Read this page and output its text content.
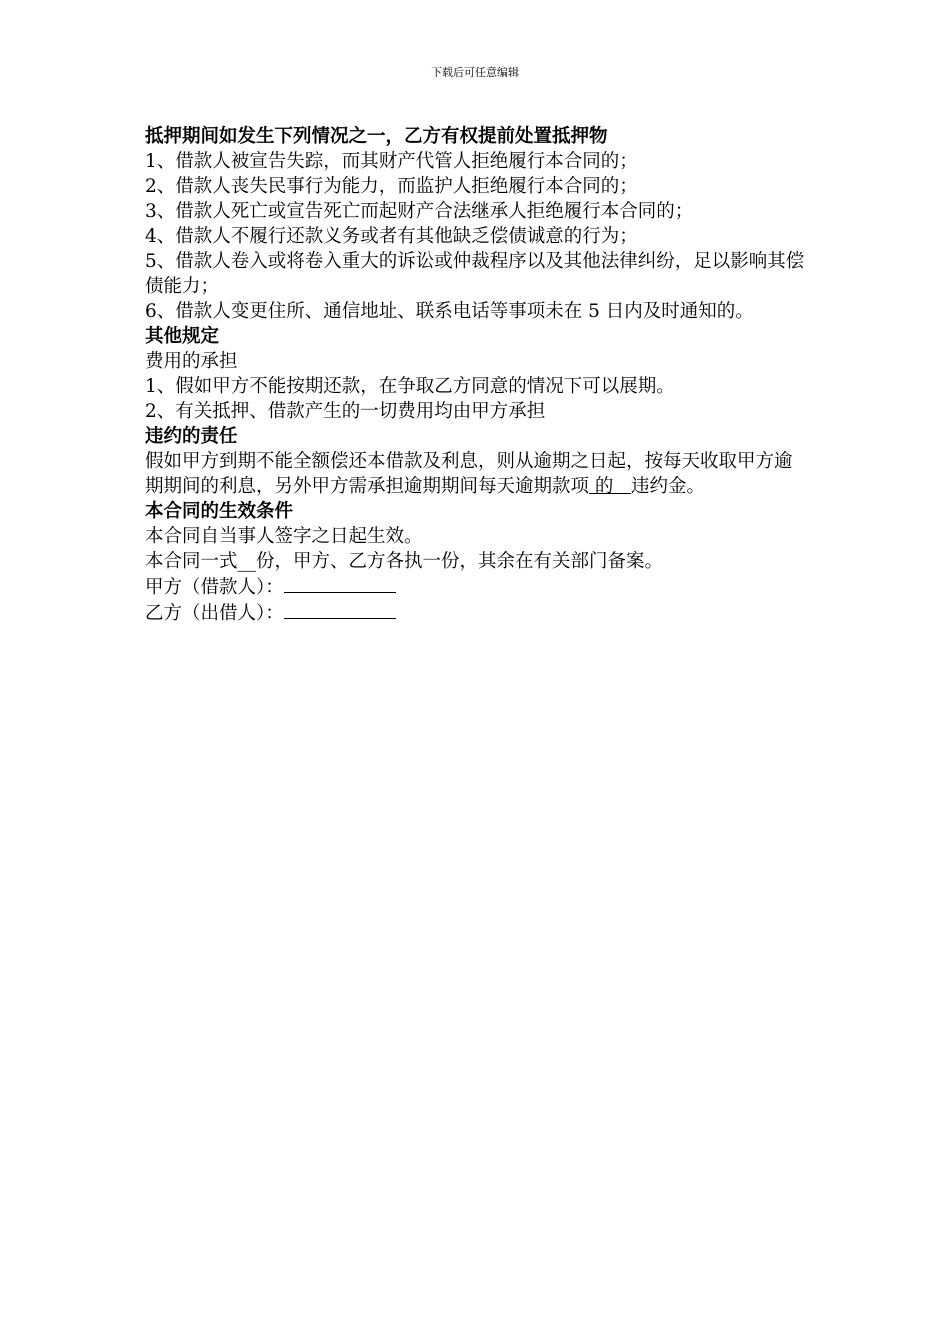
下载后可任意编辑

抵押期间如发生下列情况之一，乙方有权提前处置抵押物

1、借款人被宣告失踪，而其财产代管人拒绝履行本合同的；

2、借款人丧失民事行为能力，而监护人拒绝履行本合同的；

3、借款人死亡或宣告死亡而起财产合法继承人拒绝履行本合同的；

4、借款人不履行还款义务或者有其他缺乏偿债诚意的行为；

5、借款人卷入或将卷入重大的诉讼或仲裁程序以及其他法律纠纷，足以影响其偿债能力；

6、借款人变更住所、通信地址、联系电话等事项未在 5 日内及时通知的。

其他规定

费用的承担

1、假如甲方不能按期还款，在争取乙方同意的情况下可以展期。

2、有关抵押、借款产生的一切费用均由甲方承担

违约的责任

假如甲方到期不能全额偿还本借款及利息，则从逾期之日起，按每天收取甲方逾期期间的利息，另外甲方需承担逾期期间每天逾期款项 的   违约金。

本合同的生效条件

本合同自当事人签字之日起生效。

本合同一式__份，甲方、乙方各执一份，其余在有关部门备案。

甲方（借款人）：

乙方（出借人）：
